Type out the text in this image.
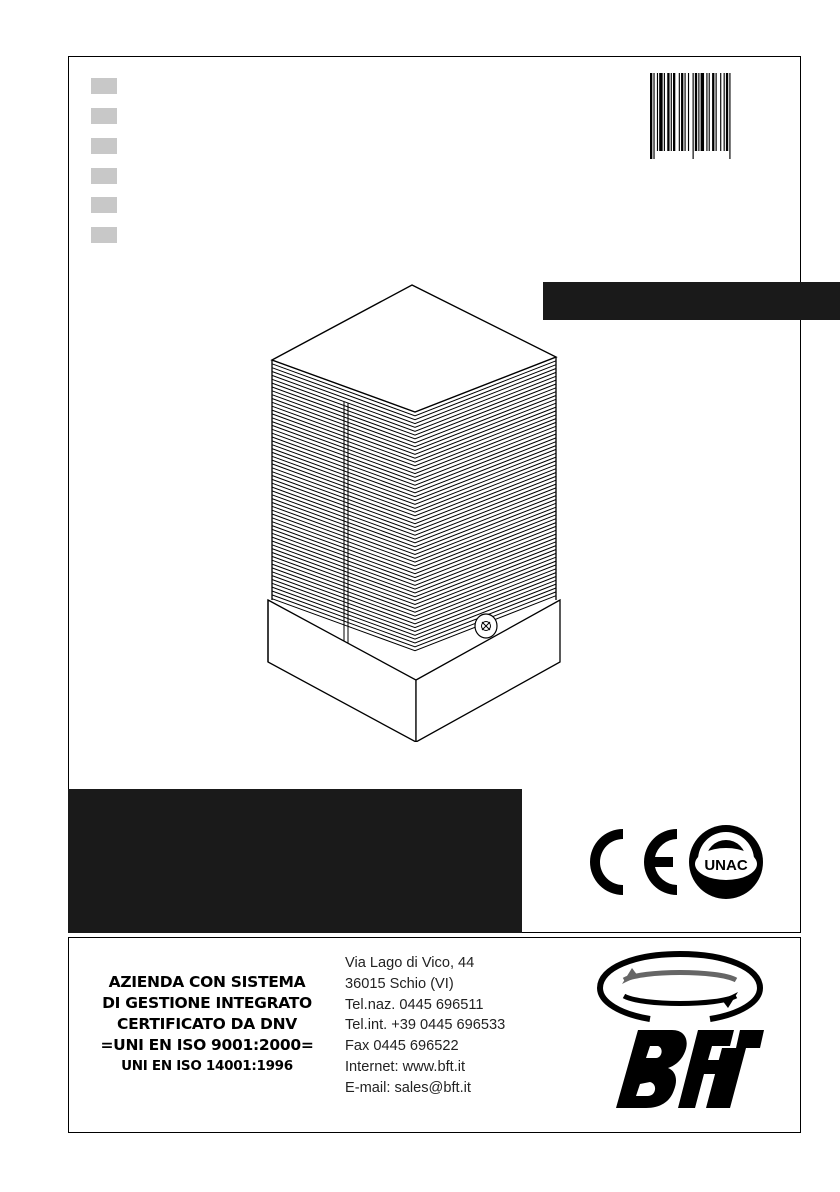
UNAC
AZIENDA CON SISTEMA
DI GESTIONE INTEGRATO
CERTIFICATO DA DNV
=UNI EN ISO 9001:2000=
UNI EN ISO 14001:1996
Via Lago di Vico, 44
36015 Schio (VI)
Tel.naz. 0445 696511
Tel.int. +39 0445 696533
Fax 0445 696522
Internet: www.bft.it
E-mail: sales@bft.it
